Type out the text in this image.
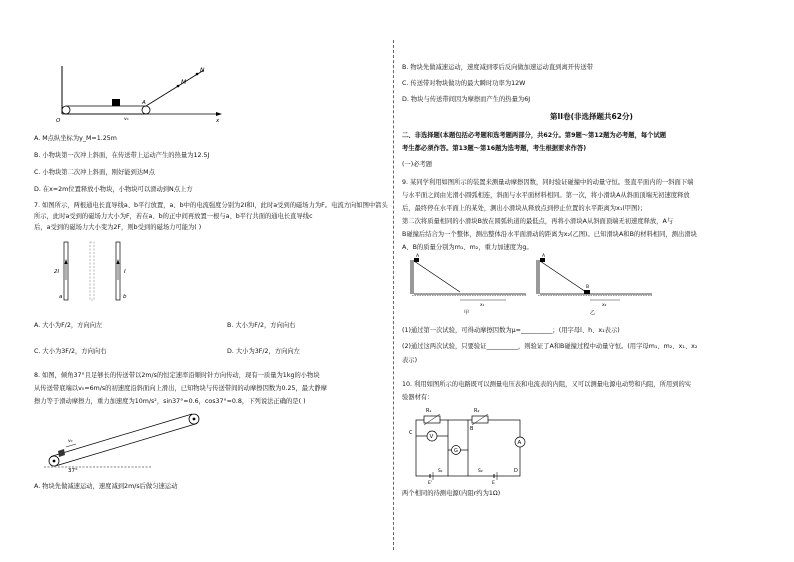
M
N
A
x
O	v₀
A. M点纵坐标为y_M=1.25m
B. 小物块第一次冲上斜面，在传送带上运动产生的热量为12.5J
C. 小物块第二次冲上斜面，刚好能到达M点
D. 在x=2m位置释放小物块，小物块可以滑动到N点上方
7. 如图所示，两根通电长直导线a、b平行放置，a、b中的电流强度分别为2I和I，此时a受到的磁场力为F。电流方向如图中箭头
所示，此时a受到的磁场力大小为F，若在a、b的正中间再放置一根与a、b平行共面的通电长直导线c
后，a受到的磁场力大小变为2F，则b受到的磁场力可能为( )
2I	I
a	b
A. 大小为F/2，方向向左	B. 大小为F/2，方向向右
C. 大小为3F/2，方向向右	D. 大小为3F/2，方向向左
8. 如图，倾角37°且足够长的传送带以2m/s的恒定速率沿顺时针方向传动，现有一质量为1kg的小物块
从传送带底端以v₀=6m/s的初速度沿斜面向上滑出，已知物块与传送带间的动摩擦因数为0.25，最大静摩
擦力等于滑动摩擦力，重力加速度为10m/s²，sin37°=0.6，cos37°=0.8，下列说法正确的是( )
v₀
37°
A. 物块先做减速运动，速度减到2m/s后做匀速运动
B. 物块先做减速运动，速度减到零后反向做加速运动直到离开传送带
C. 传送带对物块做功的最大瞬时功率为12W
D. 物块与传送带间因为摩擦而产生的热量为6J
第II卷(非选择题共62分)
二、非选择题(本题包括必考题和选考题两部分，共62分。第9题～第12题为必考题，每个试题
考生都必须作答。第13题～第16题为选考题，考生根据要求作答)
(一)必考题
9. 某同学利用如图所示的装置来测量动摩擦因数，同时验证碰撞中的动量守恒。竖直平面内的一斜面下端
与水平面之间由光滑小圆弧相连，斜面与水平面材料相同。第一次，将小滑块A从斜面顶端无初速度释放
后，最终停在水平面上的某处，测出小滑块从释放点到停止位置的水平距离为x₁(甲图)；
第二次将质量相同的小滑块B放在圆弧轨道的最低点，再将小滑块A从斜面顶端无初速度释放，A与
B碰撞后结合为一个整体，测出整体沿水平面滑动的距离为x₂(乙图)。已知滑块A和B的材料相同，测出滑块
A、B的质量分别为m₁、m₂，重力加速度为g。
A
x₁
甲
A
B
x₂
乙
(1)通过第一次试验，可得动摩擦因数为μ=__________；(用字母l、h、x₁表示)
(2)通过这两次试验，只要验证__________，则验证了A和B碰撞过程中动量守恒。(用字母m₁、m₂、x₁、x₂
表示)
10. 利用如图所示的电路既可以测量电压表和电流表的内阻，又可以测量电源电动势和内阻，所用到的实
验器材有：
R₁	R₂
V
A
G
C
B
D
E'	E
S₁	S₂
两个相同的待测电源(内阻r约为1Ω)
